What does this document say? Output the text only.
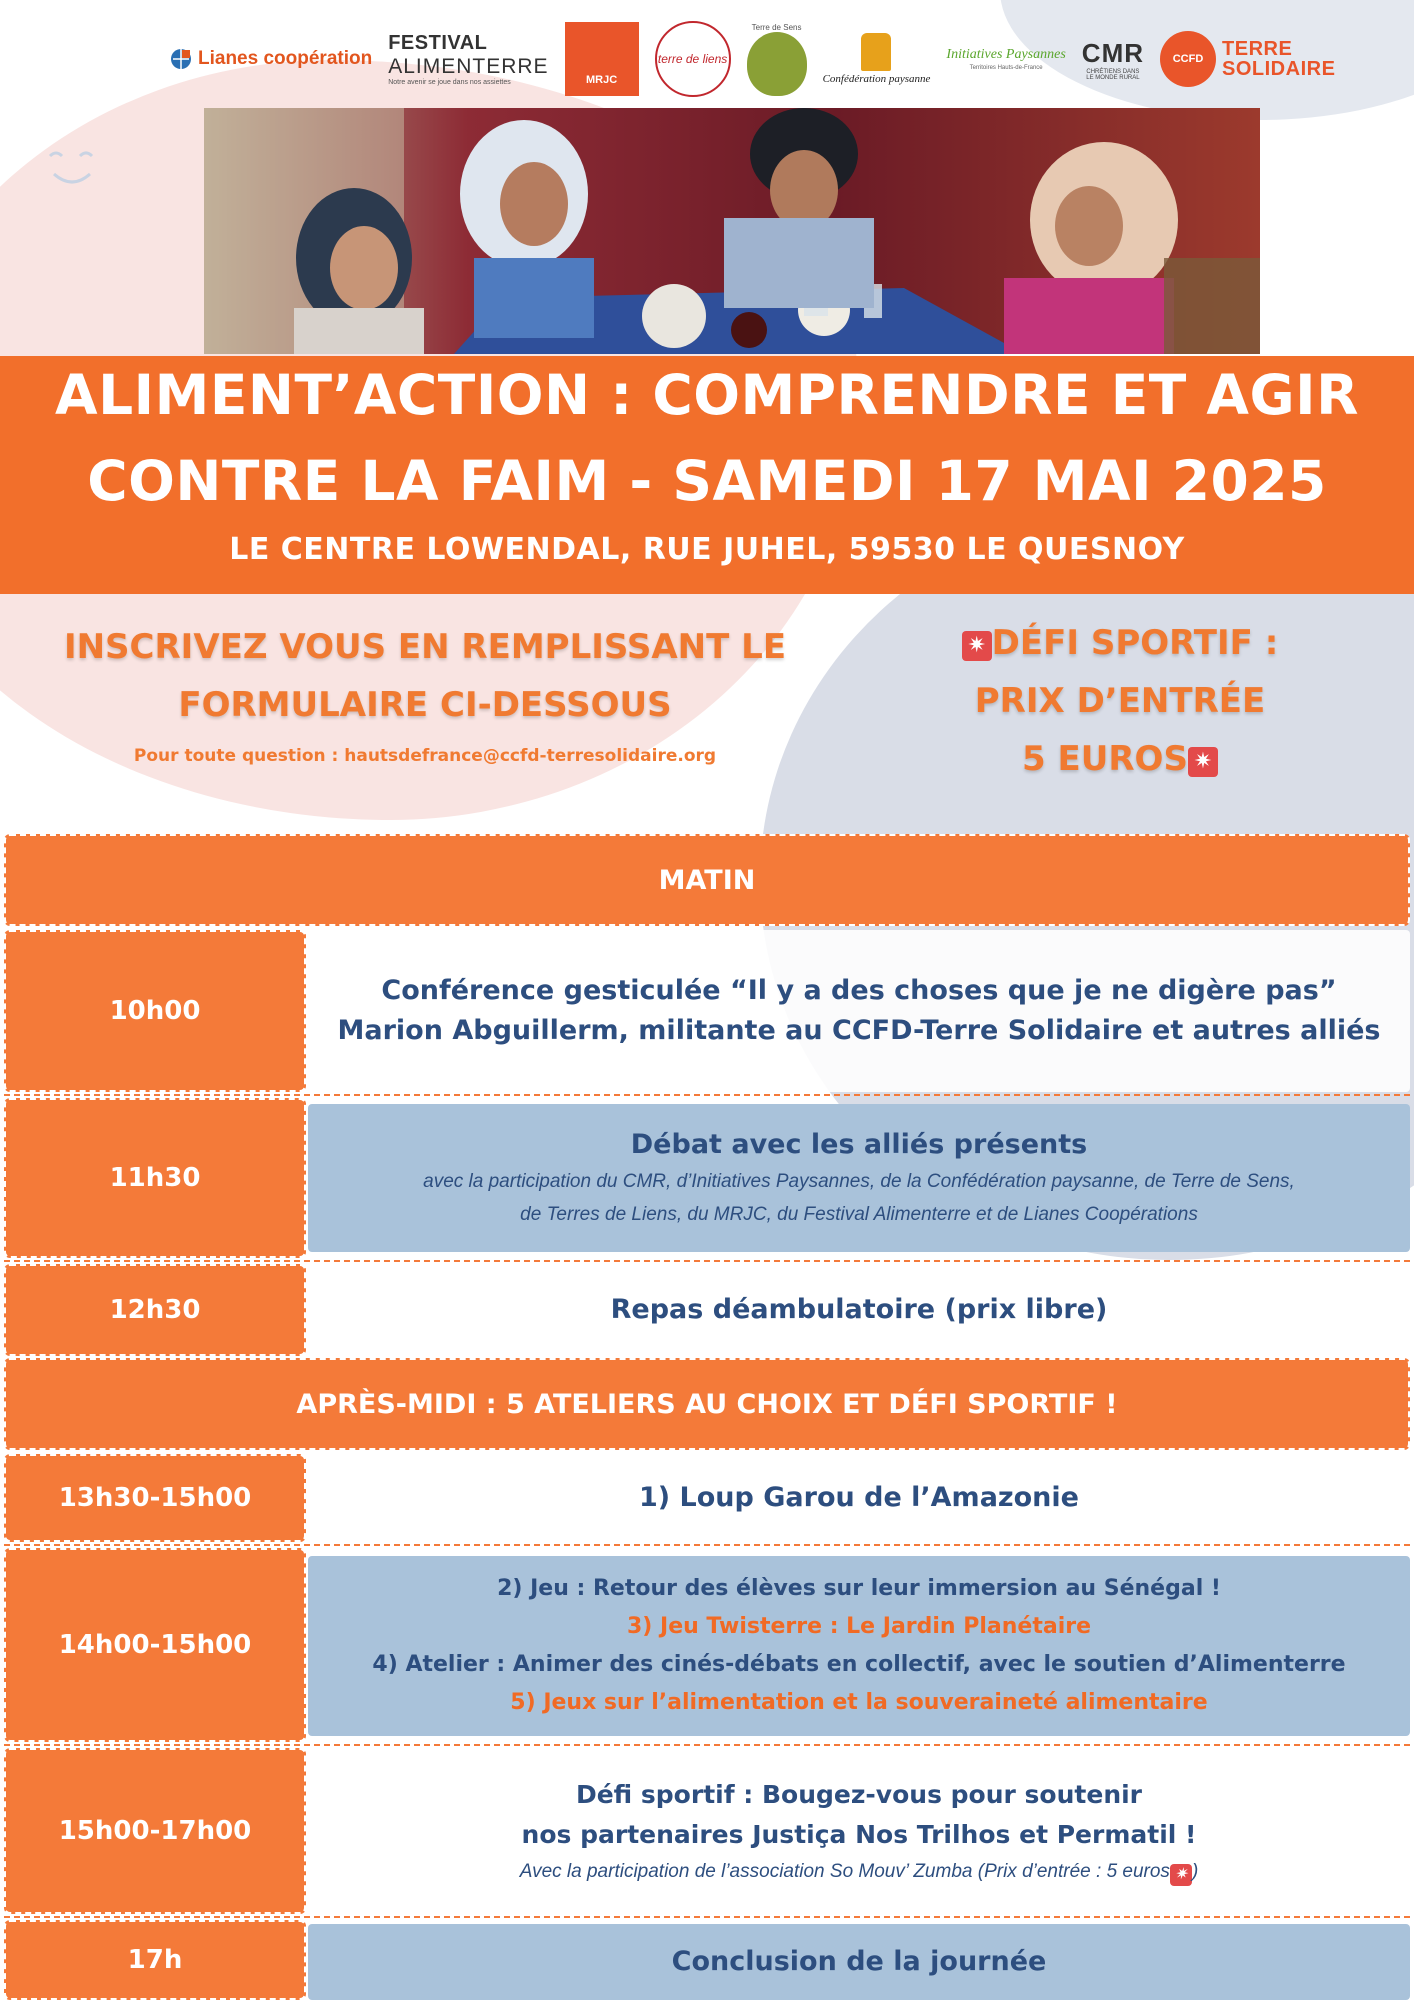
Lianes coopération
FESTIVAL
ALIMENTERRE
Notre avenir se joue dans nos assiettes	MRJC
terre de liens
Terre de Sens
Confédération paysanne
Initiatives Paysannes
Territoires Hauts-de-France
CMR
CHRÉTIENS DANS LE MONDE RURAL
CCFD TERRE
SOLIDAIRE
ALIMENT’ACTION : COMPRENDRE ET AGIR
CONTRE LA FAIM - SAMEDI 17 MAI 2025
LE CENTRE LOWENDAL, RUE JUHEL, 59530 LE QUESNOY
INSCRIVEZ VOUS EN REMPLISSANT LE
FORMULAIRE CI-DESSOUS
Pour toute question : hautsdefrance@ccfd-terresolidaire.org
✷ DÉFI SPORTIF :
PRIX D’ENTRÉE
5 EUROS ✷
MATIN
10h00
Conférence gesticulée “Il y a des choses que je ne digère pas”
Marion Abguillerm, militante au CCFD-Terre Solidaire et autres alliés
11h30
Débat avec les alliés présents
avec la participation du CMR, d’Initiatives Paysannes, de la Confédération paysanne, de Terre de Sens,
de Terres de Liens, du MRJC, du Festival Alimenterre et de Lianes Coopérations
12h30	Repas déambulatoire (prix libre)
APRÈS-MIDI : 5 ATELIERS AU CHOIX ET DÉFI SPORTIF !
13h30-15h00	1) Loup Garou de l’Amazonie
14h00-15h00
2) Jeu : Retour des élèves sur leur immersion au Sénégal !
3) Jeu Twisterre : Le Jardin Planétaire
4) Atelier : Animer des cinés-débats en collectif, avec le soutien d’Alimenterre
5) Jeux sur l’alimentation et la souveraineté alimentaire
15h00-17h00
Défi sportif : Bougez-vous pour soutenir
nos partenaires Justiça Nos Trilhos et Permatil !
Avec la participation de l’association So Mouv’ Zumba (Prix d’entrée : 5 euros ✷ )
17h	Conclusion de la journée
